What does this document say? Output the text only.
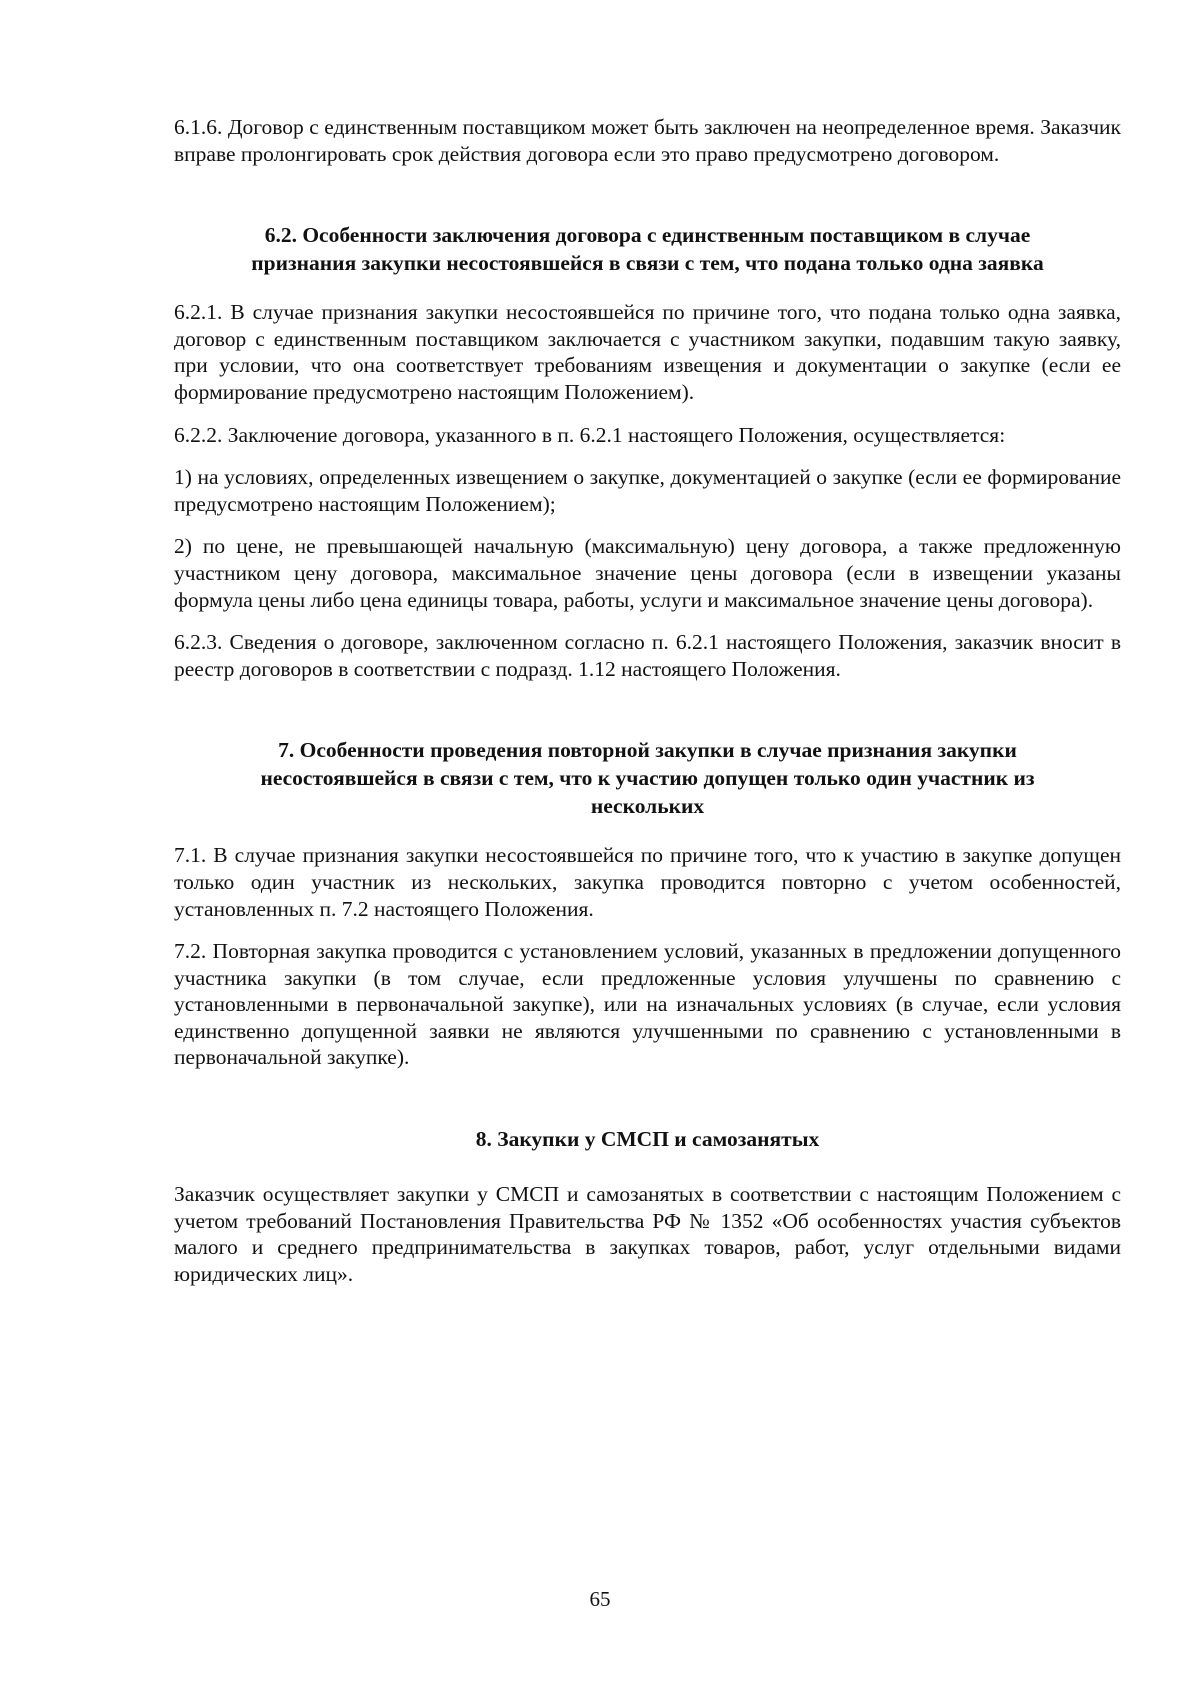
6.1.6. Договор с единственным поставщиком может быть заключен на неопределенное время. Заказчик вправе пролонгировать срок действия договора если это право предусмотрено договором.

6.2. Особенности заключения договора с единственным поставщиком в случае
признания закупки несостоявшейся в связи с тем, что подана только одна заявка

6.2.1. В случае признания закупки несостоявшейся по причине того, что подана только одна заявка, договор с единственным поставщиком заключается с участником закупки, подавшим такую заявку, при условии, что она соответствует требованиям извещения и документации о закупке (если ее формирование предусмотрено настоящим Положением).

6.2.2. Заключение договора, указанного в п. 6.2.1 настоящего Положения, осуществляется:

1) на условиях, определенных извещением о закупке, документацией о закупке (если ее формирование предусмотрено настоящим Положением);

2) по цене, не превышающей начальную (максимальную) цену договора, а также предложенную участником цену договора, максимальное значение цены договора (если в извещении указаны формула цены либо цена единицы товара, работы, услуги и максимальное значение цены договора).

6.2.3. Сведения о договоре, заключенном согласно п. 6.2.1 настоящего Положения, заказчик вносит в реестр договоров в соответствии с подразд. 1.12 настоящего Положения.

7. Особенности проведения повторной закупки в случае признания закупки
несостоявшейся в связи с тем, что к участию допущен только один участник из
нескольких

7.1. В случае признания закупки несостоявшейся по причине того, что к участию в закупке допущен только один участник из нескольких, закупка проводится повторно с учетом особенностей, установленных п. 7.2 настоящего Положения.

7.2. Повторная закупка проводится с установлением условий, указанных в предложении допущенного участника закупки (в том случае, если предложенные условия улучшены по сравнению с установленными в первоначальной закупке), или на изначальных условиях (в случае, если условия единственно допущенной заявки не являются улучшенными по сравнению с установленными в первоначальной закупке).

8. Закупки у СМСП и самозанятых

Заказчик осуществляет закупки у СМСП и самозанятых в соответствии с настоящим Положением с учетом требований Постановления Правительства РФ № 1352 «Об особенностях участия субъектов малого и среднего предпринимательства в закупках товаров, работ, услуг отдельными видами юридических лиц».

65
